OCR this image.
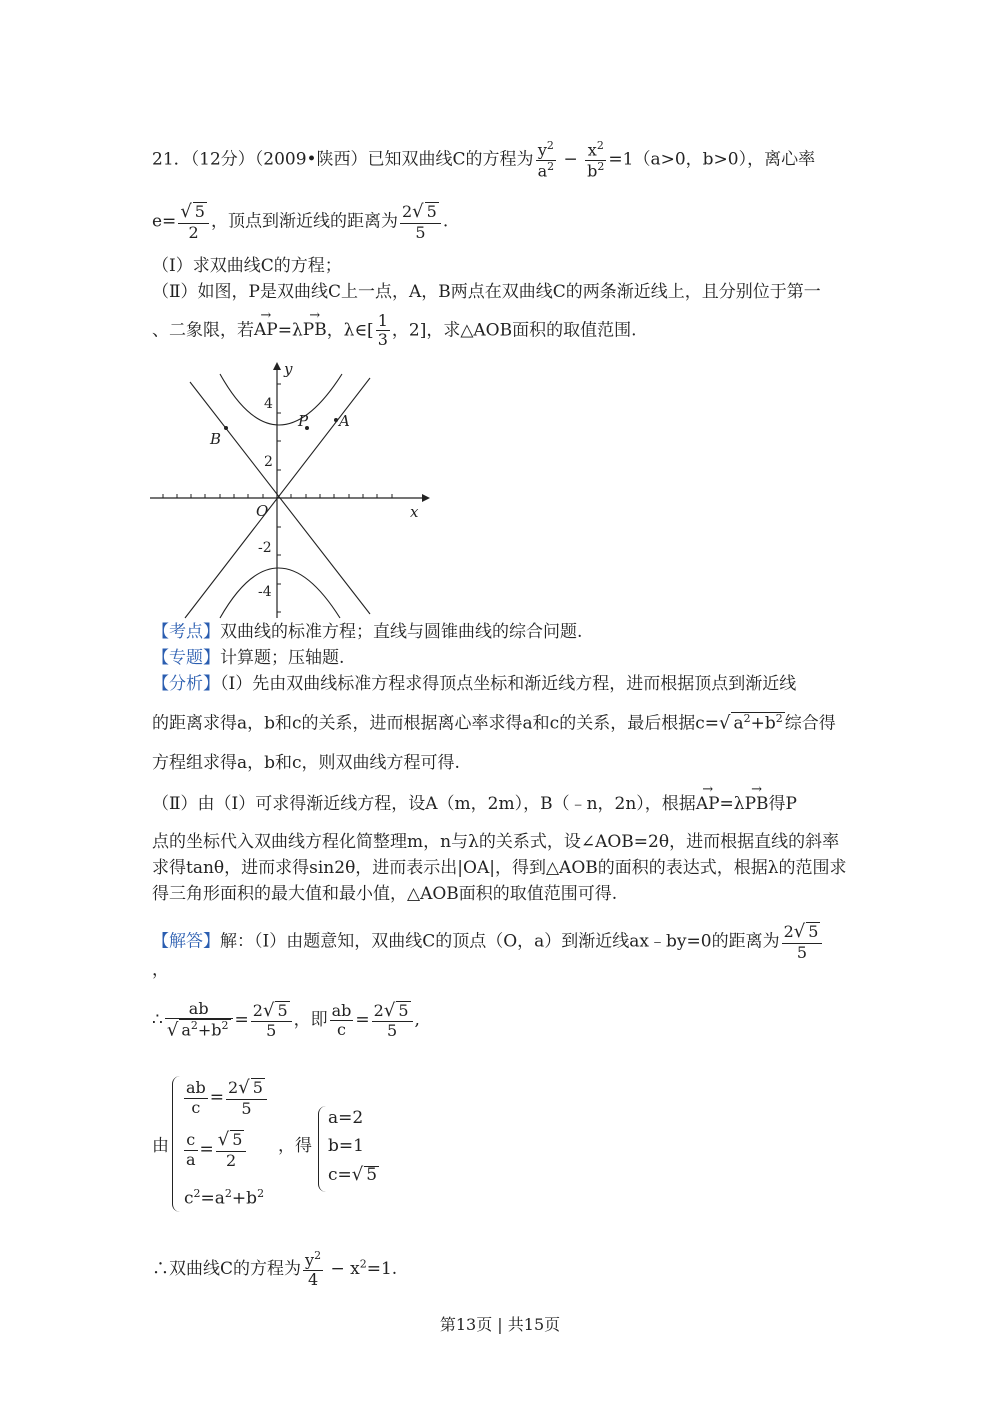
21．（12分）（2009•陕西）已知双曲线C的方程为 $\frac{y^2}{a^2} - \frac{x^2}{b^2} =1(a>0$，b>0），离心率
$e= \frac{√ 5}{2}$ ，顶点到渐近线的距离为 $\frac{2√ 5}{5}$ .
（Ⅰ）求双曲线C的方程；
（Ⅱ）如图，P是双曲线C上一点，A，B两点在双曲线C的两条渐近线上，且分别位于第一
、二象限，若→ AP=λ→ PB，λ∈[ $\frac{1}{3}$ ，2]，求△AOB面积的取值范围.
y
x
O
P A
B
4
2
-2
-4
【考点】双曲线的标准方程；直线与圆锥曲线的综合问题.
【专题】计算题；压轴题.
【分析】（Ⅰ）先由双曲线标准方程求得顶点坐标和渐近线方程，进而根据顶点到渐近线
的距离求得a，b和c的关系，进而根据离心率求得a和c的关系，最后根据c=√ $a^2+b^2$ 综合得
方程组求得a，b和c，则双曲线方程可得.
（Ⅱ）由（Ⅰ）可求得渐近线方程，设A（m，2m），B（﹣n，2n），根据→ AP=λ→ PB得P
点的坐标代入双曲线方程化简整理m，n与λ的关系式，设∠AOB=2θ，进而根据直线的斜率
求得tanθ，进而求得sin2θ，进而表示出|OA|，得到△AOB的面积的表达式，根据λ的范围求
得三角形面积的最大值和最小值，△AOB面积的取值范围可得.
【解答】解：（Ⅰ）由题意知，双曲线C的顶点（O，a）到渐近线ax﹣by=0的距离为 $\frac{2√ 5}{5}$
，
∴ $\frac{ab}{√ a^2+b^2} = \frac{2√ 5}{5}$ ，即 $\frac{ab}{c} = \frac{2√ 5}{5}$ ,
由
$\frac{ab}{c} = \frac{2√ 5}{5}$
$\frac{c}{a} = \frac{√ 5}{2}$
$c^2=a^2+b^2$
，得
a=2
b=1
c=√ 5
∴双曲线C的方程为 $\frac{y^2}{4} - x^2=1$.
第13页 | 共15页
